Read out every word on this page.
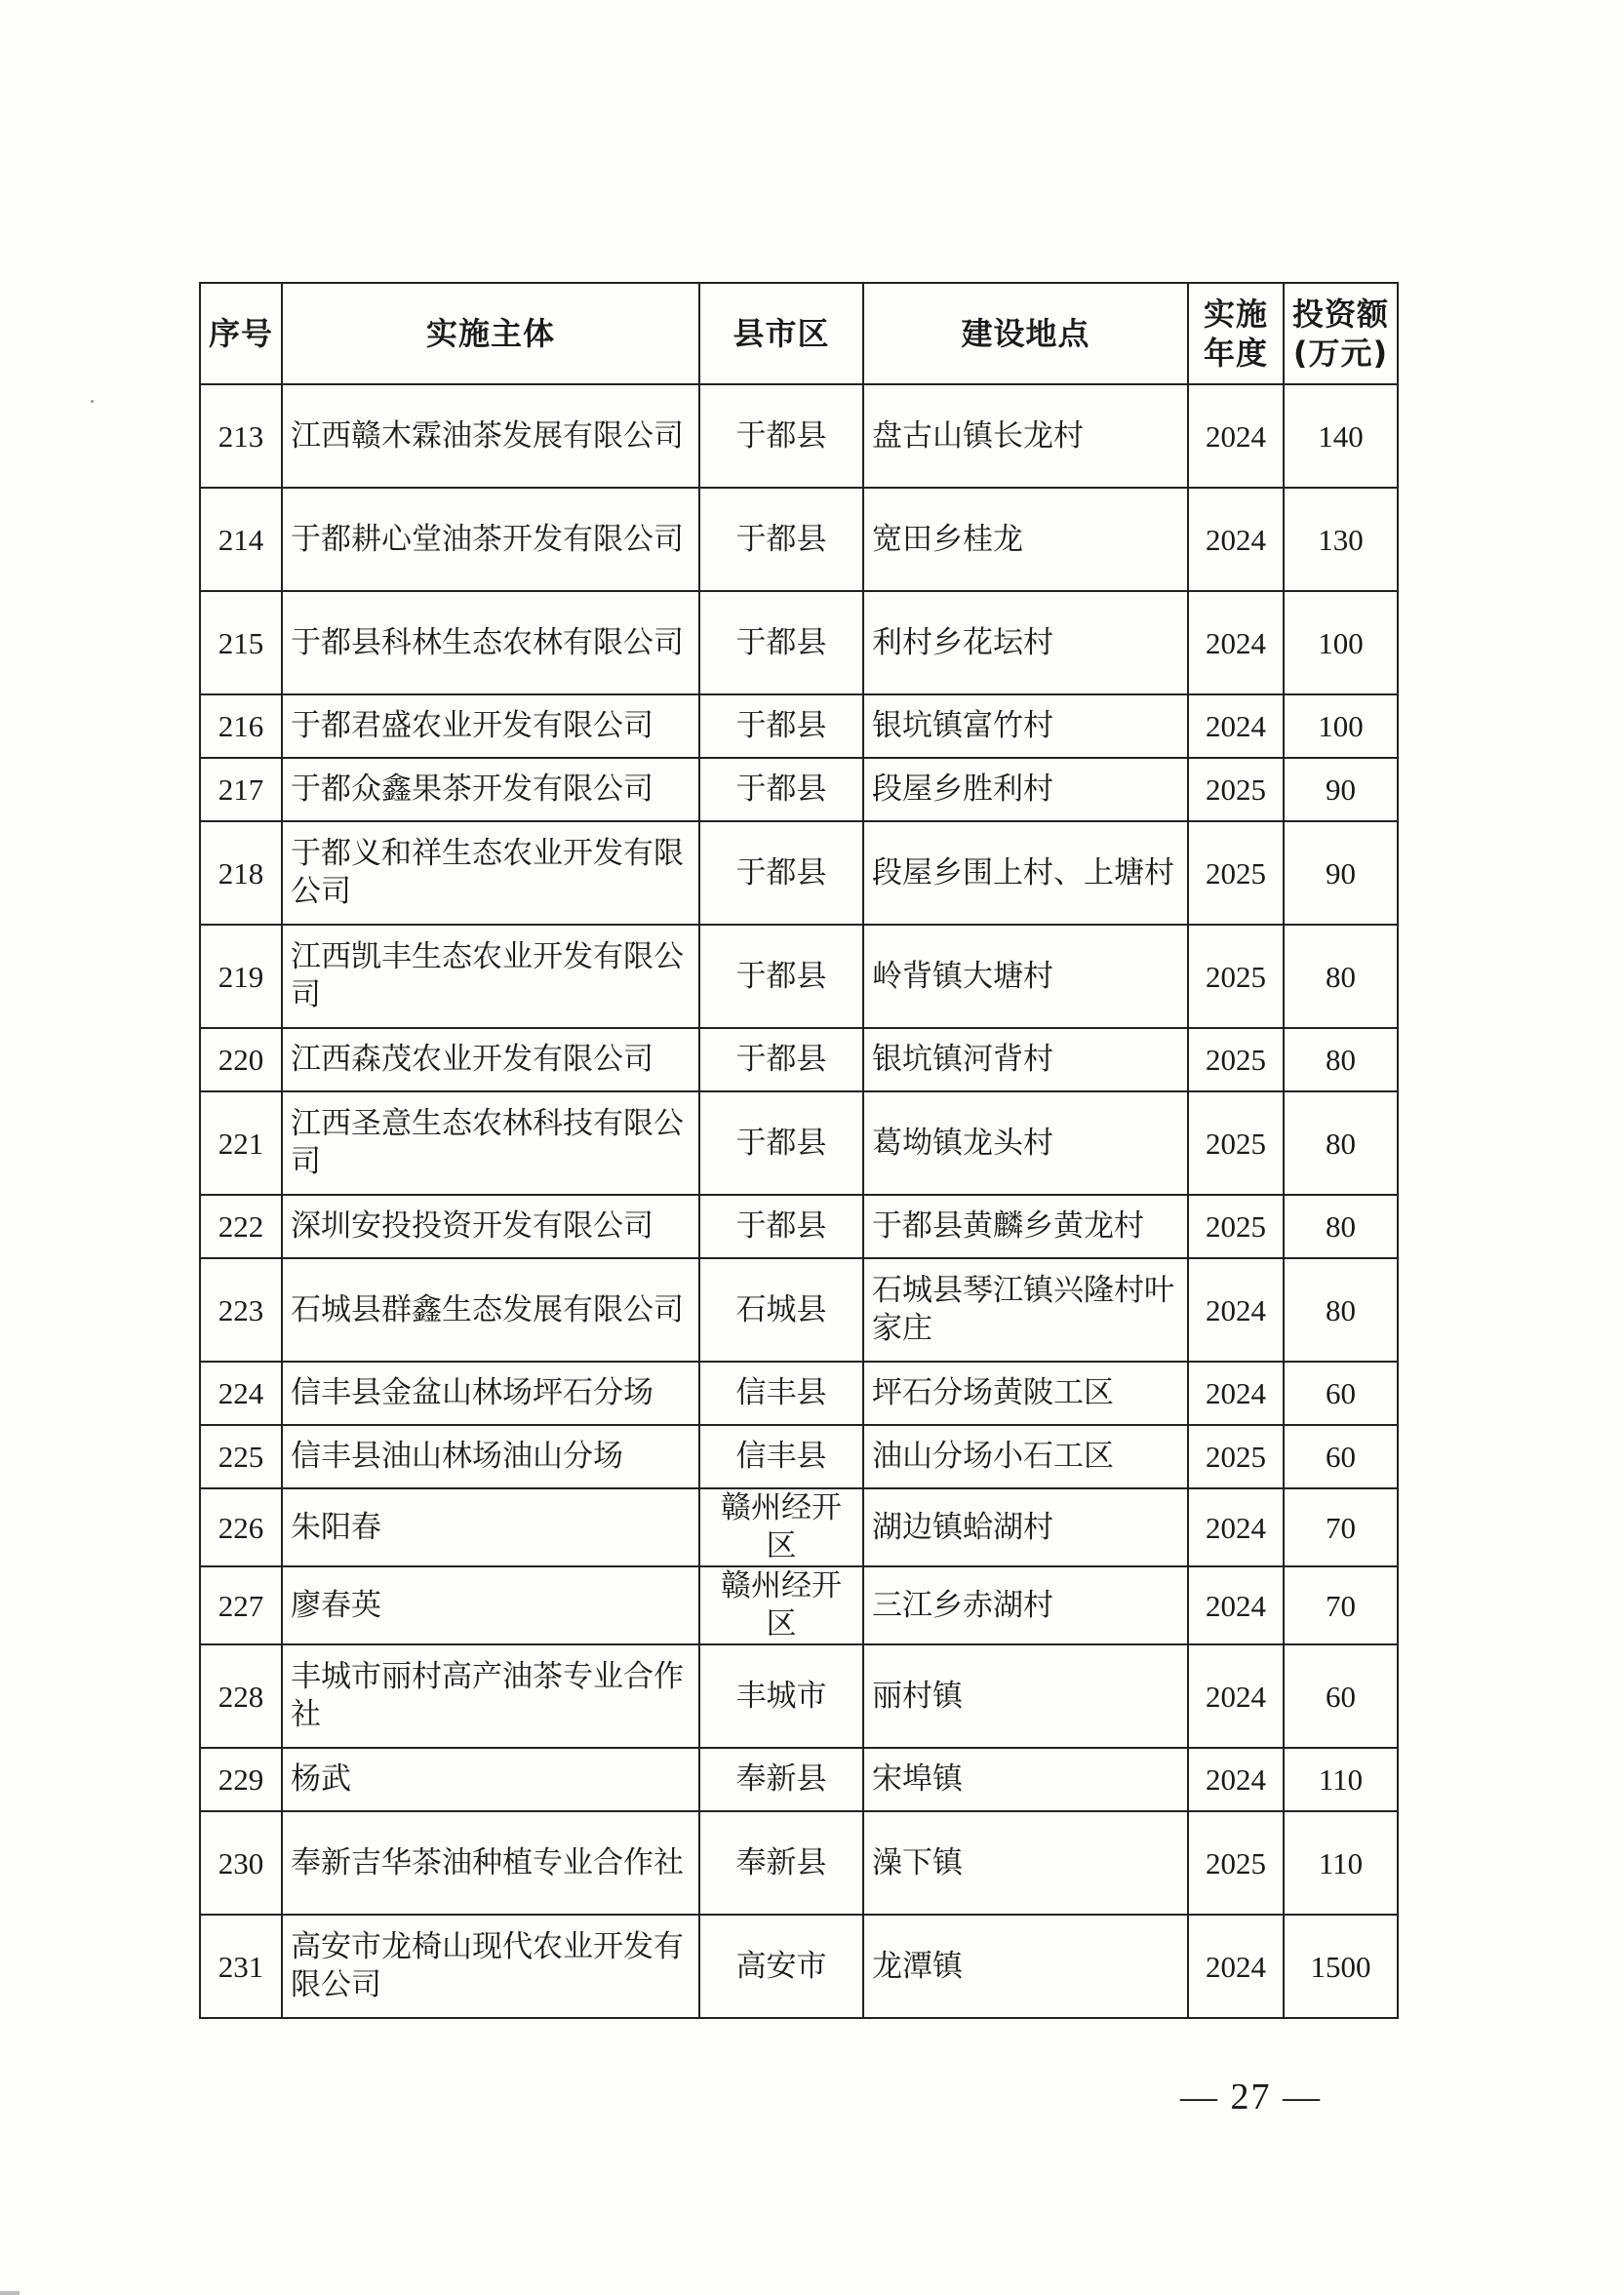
序号	实施主体	县市区	建设地点	实施年度	投资额(万元)
213	江西赣木霖油茶发展有限公司	于都县	盘古山镇长龙村	2024	140
214	于都耕心堂油茶开发有限公司	于都县	宽田乡桂龙	2024	130
215	于都县科林生态农林有限公司	于都县	利村乡花坛村	2024	100
216	于都君盛农业开发有限公司	于都县	银坑镇富竹村	2024	100
217	于都众鑫果茶开发有限公司	于都县	段屋乡胜利村	2025	90
218	于都义和祥生态农业开发有限公司	于都县	段屋乡围上村、上塘村	2025	90
219	江西凯丰生态农业开发有限公司	于都县	岭背镇大塘村	2025	80
220	江西森茂农业开发有限公司	于都县	银坑镇河背村	2025	80
221	江西圣意生态农林科技有限公司	于都县	葛坳镇龙头村	2025	80
222	深圳安投投资开发有限公司	于都县	于都县黄麟乡黄龙村	2025	80
223	石城县群鑫生态发展有限公司	石城县	石城县琴江镇兴隆村叶家庄	2024	80
224	信丰县金盆山林场坪石分场	信丰县	坪石分场黄陂工区	2024	60
225	信丰县油山林场油山分场	信丰县	油山分场小石工区	2025	60
226	朱阳春	赣州经开区	湖边镇蛤湖村	2024	70
227	廖春英	赣州经开区	三江乡赤湖村	2024	70
228	丰城市丽村高产油茶专业合作社	丰城市	丽村镇	2024	60
229	杨武	奉新县	宋埠镇	2024	110
230	奉新吉华茶油种植专业合作社	奉新县	澡下镇	2025	110
231	高安市龙椅山现代农业开发有限公司	高安市	龙潭镇	2024	1500
— 27 —
